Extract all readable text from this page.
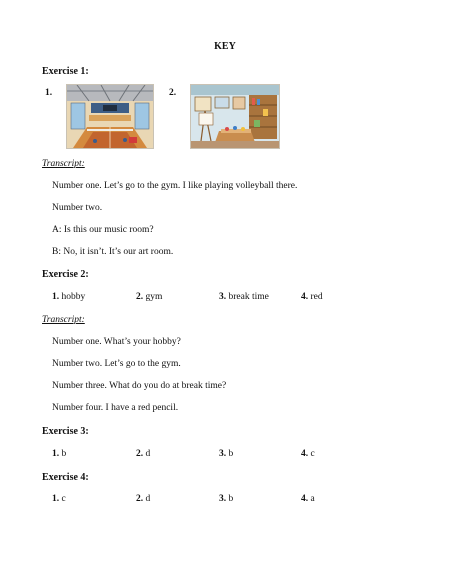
KEY
Exercise 1:
1.	2.
Transcript:
Number one. Let’s go to the gym. I like playing volleyball there.
Number two.
A: Is this our music room?
B: No, it isn’t. It’s our art room.
Exercise 2:
1. hobby	2. gym	3. break time	4. red
Transcript:
Number one. What’s your hobby?
Number two. Let’s go to the gym.
Number three. What do you do at break time?
Number four. I have a red pencil.
Exercise 3:
1. b	2. d	3. b	4. c
Exercise 4:
1. c	2. d	3. b	4. a
